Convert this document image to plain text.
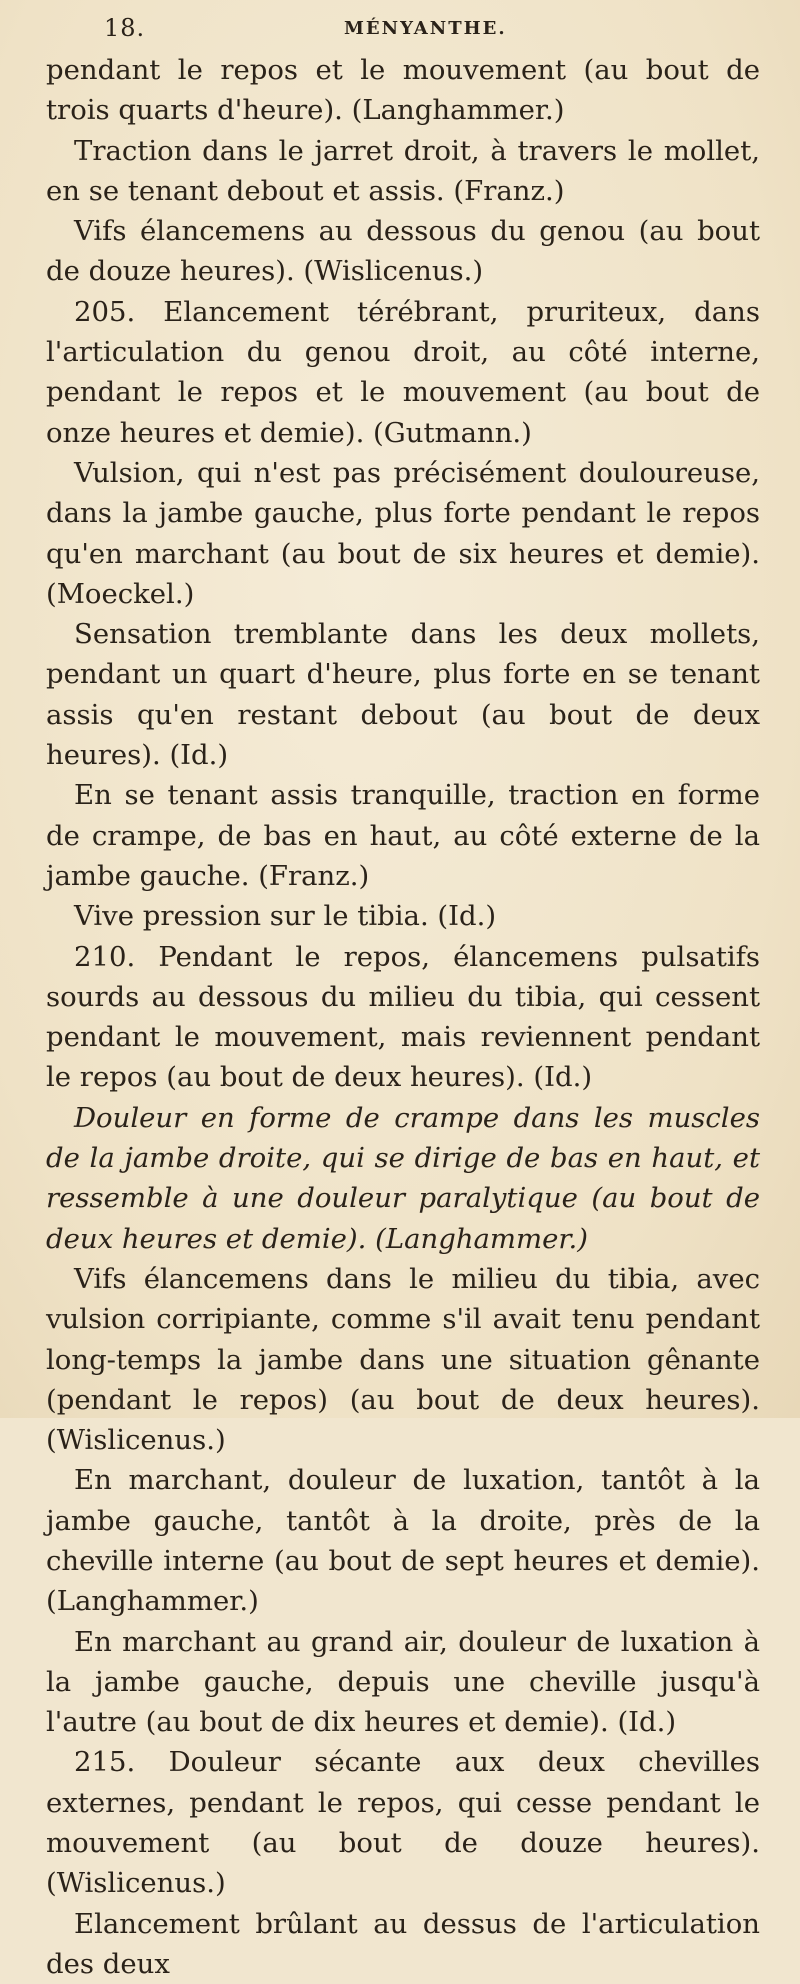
18.	MÉNYANTHE.

pendant le repos et le mouvement (au bout de trois quarts d'heure). (Langhammer.)

Traction dans le jarret droit, à travers le mollet, en se tenant debout et assis. (Franz.)

Vifs élancemens au dessous du genou (au bout de douze heures). (Wislicenus.)

205. Elancement térébrant, pruriteux, dans l'articulation du genou droit, au côté interne, pendant le repos et le mouvement (au bout de onze heures et demie). (Gutmann.)

Vulsion, qui n'est pas précisément douloureuse, dans la jambe gauche, plus forte pendant le repos qu'en marchant (au bout de six heures et demie). (Moeckel.)

Sensation tremblante dans les deux mollets, pendant un quart d'heure, plus forte en se tenant assis qu'en restant debout (au bout de deux heures). (Id.)

En se tenant assis tranquille, traction en forme de crampe, de bas en haut, au côté externe de la jambe gauche. (Franz.)

Vive pression sur le tibia. (Id.)

210. Pendant le repos, élancemens pulsatifs sourds au dessous du milieu du tibia, qui cessent pendant le mouvement, mais reviennent pendant le repos (au bout de deux heures). (Id.)

Douleur en forme de crampe dans les muscles de la jambe droite, qui se dirige de bas en haut, et ressemble à une douleur paralytique (au bout de deux heures et demie). (Langhammer.)

Vifs élancemens dans le milieu du tibia, avec vulsion corripiante, comme s'il avait tenu pendant long-temps la jambe dans une situation gênante (pendant le repos) (au bout de deux heures). (Wislicenus.)

En marchant, douleur de luxation, tantôt à la jambe gauche, tantôt à la droite, près de la cheville interne (au bout de sept heures et demie). (Langhammer.)

En marchant au grand air, douleur de luxation à la jambe gauche, depuis une cheville jusqu'à l'autre (au bout de dix heures et demie). (Id.)

215. Douleur sécante aux deux chevilles externes, pendant le repos, qui cesse pendant le mouvement (au bout de douze heures). (Wislicenus.)

Elancement brûlant au dessus de l'articulation des deux
